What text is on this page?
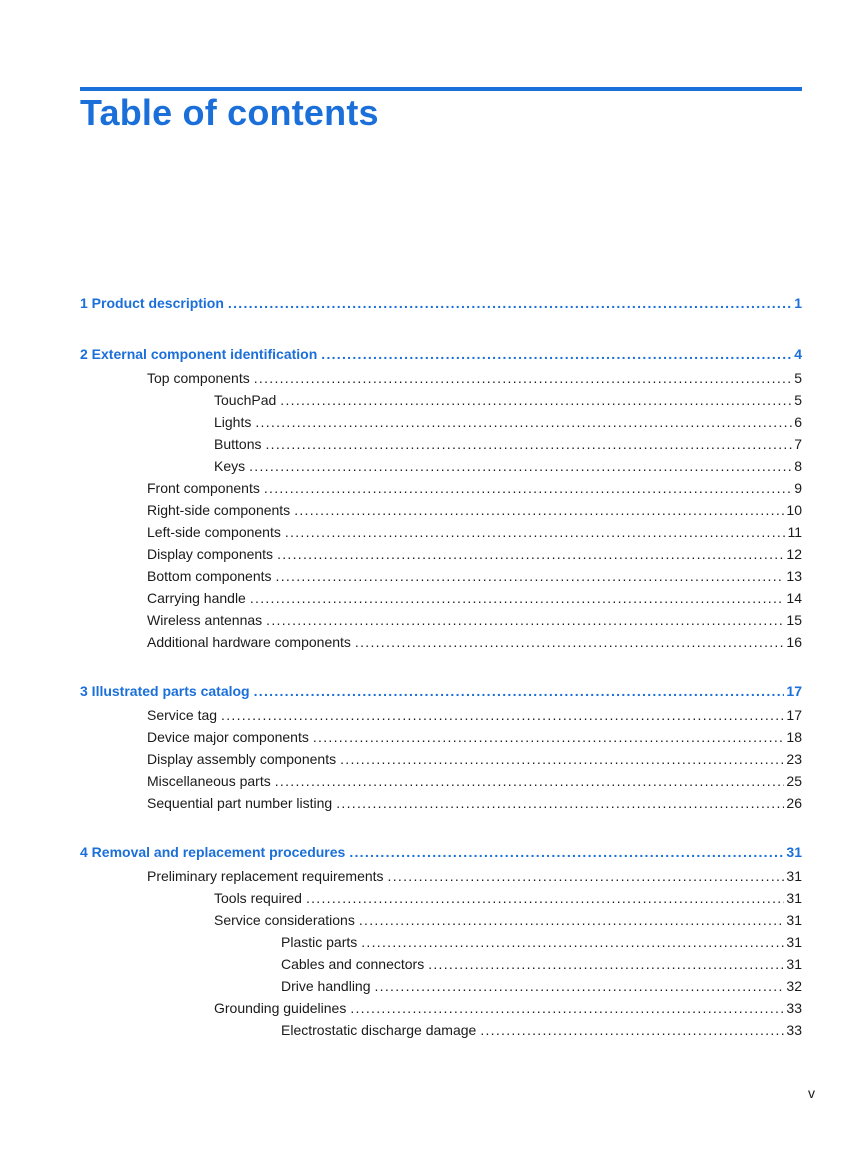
Table of contents
1 Product description . . .	1
2 External component identification . . .	4
Top components . . .	5
TouchPad . . .	5
Lights . . .	6
Buttons . . .	7
Keys . . .	8
Front components . . .	9
Right-side components . . .	10
Left-side components . . .	11
Display components . . .	12
Bottom components . . .	13
Carrying handle . . .	14
Wireless antennas . . .	15
Additional hardware components . . .	16
3 Illustrated parts catalog . . .	17
Service tag . . .	17
Device major components . . .	18
Display assembly components . . .	23
Miscellaneous parts . . .	25
Sequential part number listing . . .	26
4 Removal and replacement procedures . . .	31
Preliminary replacement requirements . . .	31
Tools required . . .	31
Service considerations . . .	31
Plastic parts . . .	31
Cables and connectors . . .	31
Drive handling . . .	32
Grounding guidelines . . .	33
Electrostatic discharge damage . . .	33
v
